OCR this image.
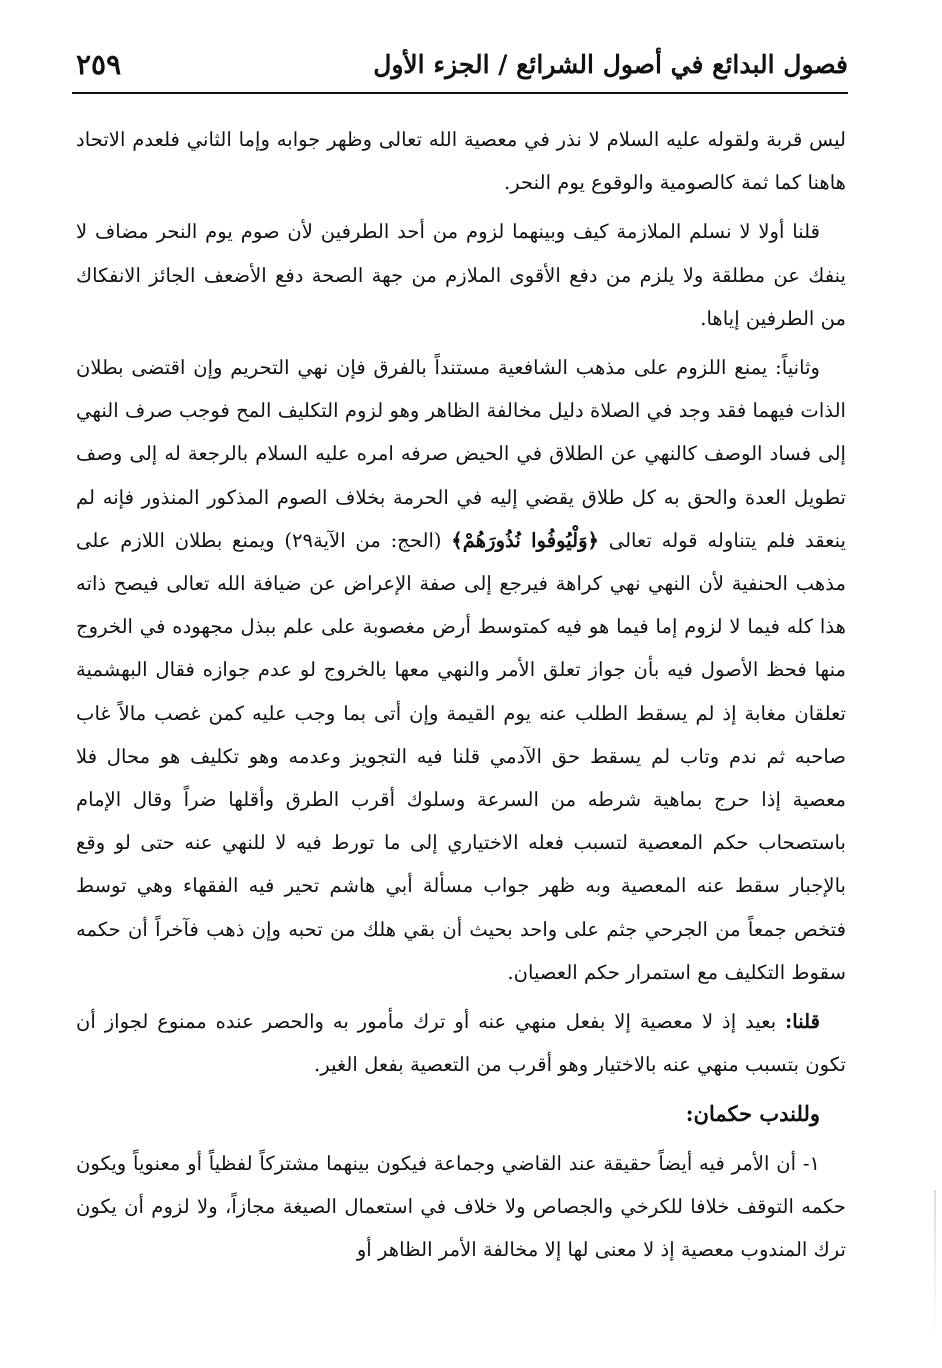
فصول البدائع في أصول الشرائع / الجزء الأول
٢٥٩

ليس قربة ولقوله عليه السلام لا نذر في معصية الله تعالى وظهر جوابه وإما الثاني فلعدم الاتحاد هاهنا كما ثمة كالصومية والوقوع يوم النحر.

قلنا أولا لا نسلم الملازمة كيف وبينهما لزوم من أحد الطرفين لأن صوم يوم النحر مضاف لا ينفك عن مطلقة ولا يلزم من دفع الأقوى الملازم من جهة الصحة دفع الأضعف الجائز الانفكاك من الطرفين إياها.

وثانياً: يمنع اللزوم على مذهب الشافعية مستنداً بالفرق فإن نهي التحريم وإن اقتضى بطلان الذات فيهما فقد وجد في الصلاة دليل مخالفة الظاهر وهو لزوم التكليف المح فوجب صرف النهي إلى فساد الوصف كالنهي عن الطلاق في الحيض صرفه امره عليه السلام بالرجعة له إلى وصف تطويل العدة والحق به كل طلاق يقضي إليه في الحرمة بخلاف الصوم المذكور المنذور فإنه لم ينعقد فلم يتناوله قوله تعالى ﴿وَلْيُوفُوا نُذُورَهُمْ﴾ (الحج: من الآية٢٩) ويمنع بطلان اللازم على مذهب الحنفية لأن النهي نهي كراهة فيرجع إلى صفة الإعراض عن ضيافة الله تعالى فيصح ذاته هذا كله فيما لا لزوم إما فيما هو فيه كمتوسط أرض مغصوبة على علم ببذل مجهوده في الخروج منها فحظ الأصول فيه بأن جواز تعلق الأمر والنهي معها بالخروج لو عدم جوازه فقال البهشمية تعلقان مغابة إذ لم يسقط الطلب عنه يوم القيمة وإن أتى بما وجب عليه كمن غصب مالاً غاب صاحبه ثم ندم وتاب لم يسقط حق الآدمي قلنا فيه التجويز وعدمه وهو تكليف هو محال فلا معصية إذا حرج بماهية شرطه من السرعة وسلوك أقرب الطرق وأقلها ضراً وقال الإمام باستصحاب حكم المعصية لتسبب فعله الاختياري إلى ما تورط فيه لا للنهي عنه حتى لو وقع بالإجبار سقط عنه المعصية وبه ظهر جواب مسألة أبي هاشم تحير فيه الفقهاء وهي توسط فتخص جمعاً من الجرحي جثم على واحد بحيث أن بقي هلك من تحبه وإن ذهب فآخراً أن حكمه سقوط التكليف مع استمرار حكم العصيان.

قلنا: بعيد إذ لا معصية إلا بفعل منهي عنه أو ترك مأمور به والحصر عنده ممنوع لجواز أن تكون بتسبب منهي عنه بالاختيار وهو أقرب من التعصية بفعل الغير.

وللندب حكمان:

١- أن الأمر فيه أيضاً حقيقة عند القاضي وجماعة فيكون بينهما مشتركاً لفظياً أو معنوياً ويكون حكمه التوقف خلافا للكرخي والجصاص ولا خلاف في استعمال الصيغة مجازاً، ولا لزوم أن يكون ترك المندوب معصية إذ لا معنى لها إلا مخالفة الأمر الظاهر أو
